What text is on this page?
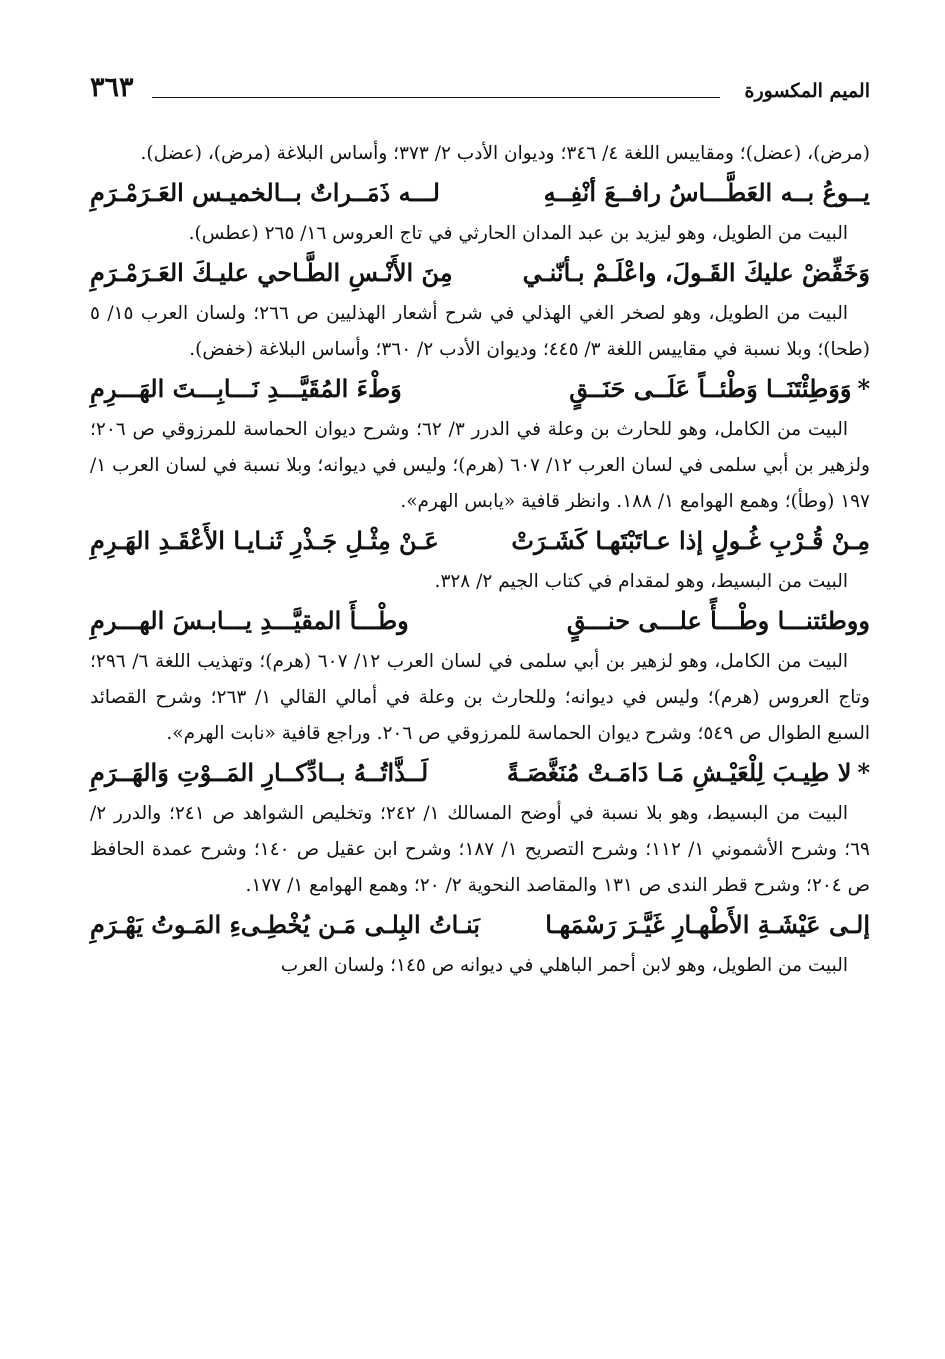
الميم المكسورة
٣٦٣

(مرض)، (عضل)؛ ومقاييس اللغة ٤/ ٣٤٦؛ وديوان الأدب ٢/ ٣٧٣؛ وأساس البلاغة (مرض)، (عضل).

يــوعُ بــه العَطَّـــاسُ رافــعَ أنْفِــهِ
لـــه ذَمَــراتٌ بــالخميـس العَـرَمْـرَمِ

البيت من الطويل، وهو ليزيد بن عبد المدان الحارثي في تاج العروس ١٦/ ٢٦٥ (عطس).

وَخَفِّضْ عليكَ القَـولَ، واعْلَـمْ بـأنّنـي
مِنَ الأَنْـسِ الطَّـاحي عليـكَ العَـرَمْـرَمِ

البيت من الطويل، وهو لصخر الغي الهذلي في شرح أشعار الهذليين ص ٢٦٦؛ ولسان العرب ١٥/ ٥ (طحا)؛ وبلا نسبة في مقاييس اللغة ٣/ ٤٤٥؛ وديوان الأدب ٢/ ٣٦٠؛ وأساس البلاغة (خفض).

*
وَوَطِئْتَنَــا وَطْئــاً عَلَــى حَنَــقٍ
وَطْءَ المُقَيَّـــدِ نَـــابِـــتَ الهَـــرِمِ

البيت من الكامل، وهو للحارث بن وعلة في الدرر ٣/ ٦٢؛ وشرح ديوان الحماسة للمرزوقي ص ٢٠٦؛ ولزهير بن أبي سلمى في لسان العرب ١٢/ ٦٠٧ (هرم)؛ وليس في ديوانه؛ وبلا نسبة في لسان العرب ١/ ١٩٧ (وطأ)؛ وهمع الهوامع ١/ ١٨٨. وانظر قافية «يابس الهرم».

مِـنْ قُـرْبِ غُـولٍ إذا عـاتَبْتَهـا كَشَـرَتْ
عَـنْ مِثْـلِ جَـذْرِ ثَنـايـا الأَعْقَـدِ الهَـرِمِ

البيت من البسيط، وهو لمقدام في كتاب الجيم ٢/ ٣٢٨.

ووطئتنـــا وطْـــأً علـــى حنـــقٍ
وطْـــأَ المقيَّـــدِ يـــابـسَ الهـــرمِ

البيت من الكامل، وهو لزهير بن أبي سلمى في لسان العرب ١٢/ ٦٠٧ (هرم)؛ وتهذيب اللغة ٦/ ٢٩٦؛ وتاج العروس (هرم)؛ وليس في ديوانه؛ وللحارث بن وعلة في أمالي القالي ١/ ٢٦٣؛ وشرح القصائد السبع الطوال ص ٥٤٩؛ وشرح ديوان الحماسة للمرزوقي ص ٢٠٦. وراجع قافية «نابت الهرم».

*
لا طِيـبَ لِلْعَيْـشِ مَـا دَامَـتْ مُنَغَّصَـةً
لَــذَّاتُــهُ بــادِّكــارِ المَــوْتِ وَالهَــرَمِ

البيت من البسيط، وهو بلا نسبة في أوضح المسالك ١/ ٢٤٢؛ وتخليص الشواهد ص ٢٤١؛ والدرر ٢/ ٦٩؛ وشرح الأشموني ١/ ١١٢؛ وشرح التصريح ١/ ١٨٧؛ وشرح ابن عقيل ص ١٤٠؛ وشرح عمدة الحافظ ص ٢٠٤؛ وشرح قطر الندى ص ١٣١ والمقاصد النحوية ٢/ ٢٠؛ وهمع الهوامع ١/ ١٧٧.

إلـى عَيْشَـةِ الأَطْهـارِ غَيَّـرَ رَسْمَهـا
بَنـاتُ البِلـى مَـن يُخْطِـىءِ المَـوتُ يَهْـرَمِ

البيت من الطويل، وهو لابن أحمر الباهلي في ديوانه ص ١٤٥؛ ولسان العرب
